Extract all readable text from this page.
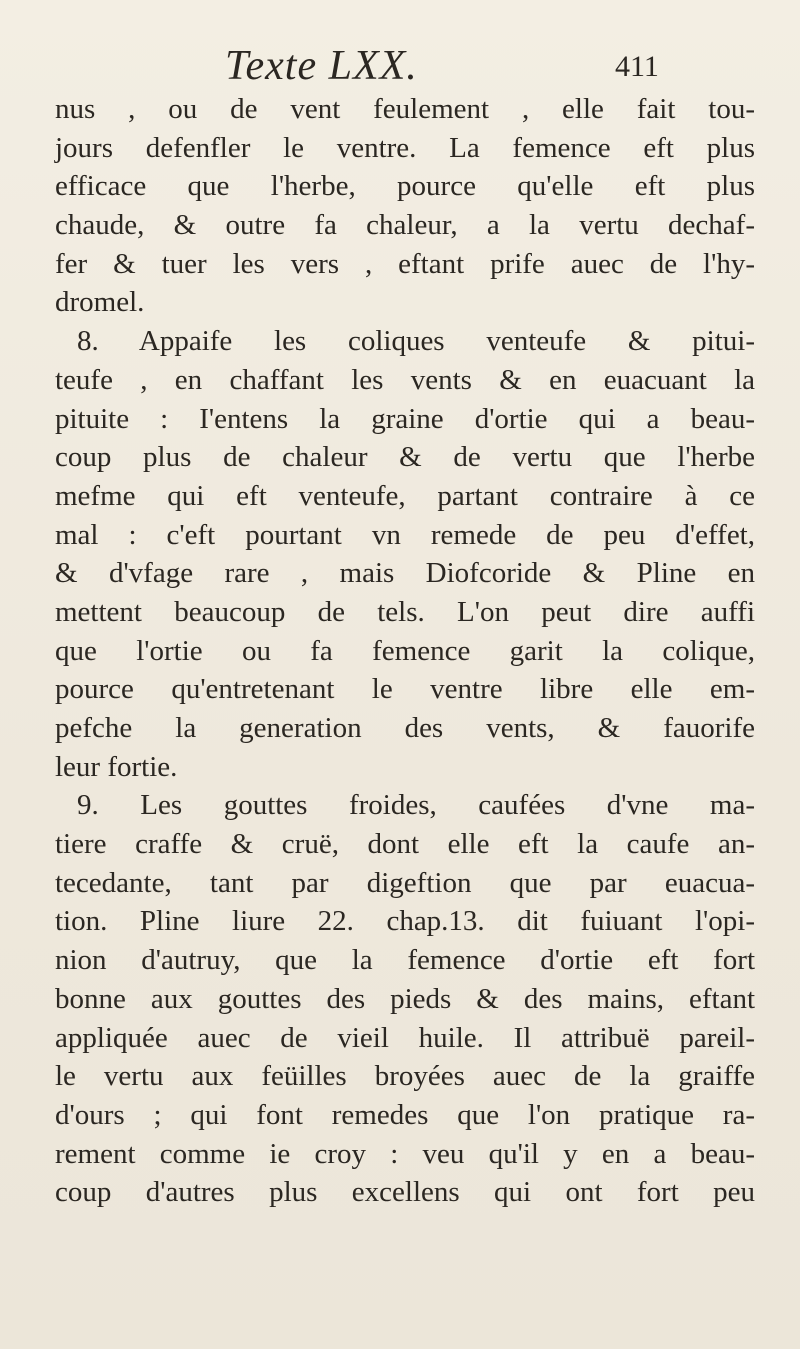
Texte LXX.	411
nus , ou de vent feulement , elle fait tou-
jours defenfler le ventre. La femence eft plus
efficace que l'herbe, pource qu'elle eft plus
chaude, & outre fa chaleur, a la vertu dechaf-
fer & tuer les vers , eftant prife auec de l'hy-
dromel.
8. Appaife les coliques venteufe & pitui-
teufe , en chaffant les vents & en euacuant la
pituite : I'entens la graine d'ortie qui a beau-
coup plus de chaleur & de vertu que l'herbe
mefme qui eft venteufe, partant contraire à ce
mal : c'eft pourtant vn remede de peu d'effet,
& d'vfage rare , mais Diofcoride & Pline en
mettent beaucoup de tels. L'on peut dire auffi
que l'ortie ou fa femence garit la colique,
pource qu'entretenant le ventre libre elle em-
pefche la generation des vents, & fauorife
leur fortie.
9. Les gouttes froides, caufées d'vne ma-
tiere craffe & cruë, dont elle eft la caufe an-
tecedante, tant par digeftion que par euacua-
tion. Pline liure 22. chap.13. dit fuiuant l'opi-
nion d'autruy, que la femence d'ortie eft fort
bonne aux gouttes des pieds & des mains, eftant
appliquée auec de vieil huile. Il attribuë pareil-
le vertu aux feüilles broyées auec de la graiffe
d'ours ; qui font remedes que l'on pratique ra-
rement comme ie croy : veu qu'il y en a beau-
coup d'autres plus excellens qui ont fort peu
